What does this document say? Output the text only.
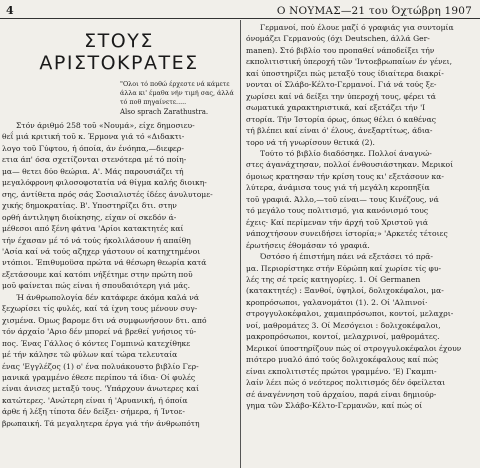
4	Ο ΝΟΥΜΑΣ—21 του Όχτώβρη 1907
ΣΤΟΥΣ ΑΡΙΣΤΟΚΡΑΤΕΣ
"Ολοι τό ποθώ έρχεστε νά κάμετε
άλλα κι' έμαθα νήν τιμή σας, άλλά
τό ποθ πηγαίνετε.....
Also sprach Zarathustra.
Στόν άριθμό 258 τοῦ «Νουμά», είχε δημοσιευ-
θεΐ μιά κριτική τοῦ κ. Έρμονα γιά τό «Διδακτι-
λογο τοῦ Γύφτου, ή όποία, άν ένόηπα,—διεφερ-
ετια άπ' όσα σχετίζονται στενότερα μέ τό ποίη-
μα— θετει δύο θεώρια. Α'. Μάς παρουσιάζει τή
μεγαλόφρονη φιλοσοφοτατία νά θίγμα καλής διοικη-
σης, άντίθετα πρός σάς Σοσιαλιστές ίδέες άνυλυτομε-
χικής δημοκρατίας. Β'. Υποστηρίζει δτι. στην
ορθή άντιληψη διοίκησης, είχαν οί σκεδόν ά-
μέθεσοι από ξένη φάτνα 'Αρίοι κατακτητές καί
τήν έχασαν μέ τό νά τούς ήκολιλάσουν ή απαίθη
'Ασία καί νά τούς αζηχερ γάστουν οί κατηχτημένοι
ντόπιοι. Έπιθυμοϋσα πρώτα νά θέσωρη θεωρία κατά
εξετάσουμε καί κατόπι νήξέτημε στην πρώτη ποῦ
μοῦ φαίνεται πώς είναι ή σπουδαιότερη γιά μάς.
Ή άνθρωπολογία δέν κατάφερε άκόμα καλά νά
ξεχωρίσει τίς φυλές, καί τά ίχνη τους μένουν συγ-
χισμένα. Όμως βαρομε δτι νά συμφωνήσουν δτι. από
τόν άρχαίο 'Αριο δέν μπορεί νά βρεθεί γνήσιος τύ-
πος. Ένας Γάλλος ό κόντες Γομπινώ κατεχίθηκε
μέ τήν κάλησε τῶ φύλων καί τώρα τελευταία
ένας 'Εγγλέζος (1) ο' ένα πολυάκουστο βιβλίο Γερ-
μανικά γραμμένο έθεσε περίπου τά ίδια· Οί φυλές
είναι άνισες μεταξύ τους. 'Υπάρχουν άνωτερες καί
κατώτερες. 'Ανώτερη είναι ή 'Αρυανική, ή όποία
άρθε ή λέξη τίποτα δέν δείξει· σήμερα, ή Ίντοε-
βρωπαική. Τά μεγαλητερα έργα γιά τήν άνθρωπότη
Γερμανοί, πού έλουε μαζί ό γραφιάς για συντομία
όνομάζει Γερμανούς (όχι Deutschen, άλλά Ger-
manen). Στό βιβλίο του προπαθεί νάποδείξει τήν
εκπολιτιστική ύπεροχή τῶν 'Ιντοεβρωπαίων έν γένει,
καί ύποστηρίζει πώς μεταξύ τους ίδιαίτερα διακρί-
νονται οί Σλάβο-Κέλτο-Γερμανοί. Γιά νά τούς ξε-
χωρίσει καί νά δείξει την ύπεροχή τους, φέρει τά
σωματικά χαρακτηριστικά, καί εξετάζει τήν 'Ι
στορία. Τήν Ίστορία όρως, όπως θέλει ό καθένας
τή βλέπει καί είναι ό' έλους, άνεξαρτίτως, άδια-
τορο νά τή γνωρίσουν θετικά (2).
Τούτο τό βιβλίο διαδόσηκε. Πολλοί άναγνώ-
στες άγανάχτησαν, πολλοί ένθουσιάστηκαν. Μερικοί
όμοιως κρατησαν τήν κρίση τους κι' εξετάσουν κα-
λύτερα, άνάμισα τους γιά τή μεγάλη κεροπηξία
τοῦ γραφιά. Άλλο,—τοῦ είναι— τους Κινέζους, νά
τό μεγάλο τους πολιτισμό, για κανόνισμό τους
έχεις· Καί περίμεναν τήν άρχή τοῦ Χριστοῦ γιά
νάποχτήσουν συνειδήσει ίστορία;» 'Αρκετές τέτοιες
έρωτήσεις έθομάσαν τό γραφιά.
Όστόσο ή έπιστήμη πάει νά εξετάσει τό πρᾶ-
μα. Περιορίστηκε στήν Εύρώπη καί χωρίσε τίς φυ-
λές της σέ τρείς κατηγορίες. 1. Οί Germanen
(κατακτητές) : Ξανθοί, ύψηλοί, δολιχοκέφαλοι, μα-
κροπρόσωποι, γαλανομάτοι (1). 2. Οί 'Αλπινοί·
στρογγυλοκέφαλοι, χαμαιπρόσωποι, κοντοί, μελαχρι-
νοί, μαθρομάτες 3. Οί Μεσόγειοι : δολιχοκέφαλοι,
μακροπρόσωποι, κοντοί, μελαχρινοί, μαθρομάτες.
Μερικοί ύποστηρίζουν πώς οί στρογγυλοκέφαλοι έχουν
πιότερο μυαλό άπό τούς δολιχοκέφαλους καί πώς
είναι εκπολιτιστές πρώτοι γραμμένο. 'Ε) Γκαμπι-
λαίν λέει πώς ό νεότερος πολιτισμός δέν όφείλεται
σέ άναγέννηση τοῦ άρχαίου, παρά είναι δημιούρ-
γημα τῶν Σλάβο-Κέλτο-Γερμανῶν, καί πώς οί
